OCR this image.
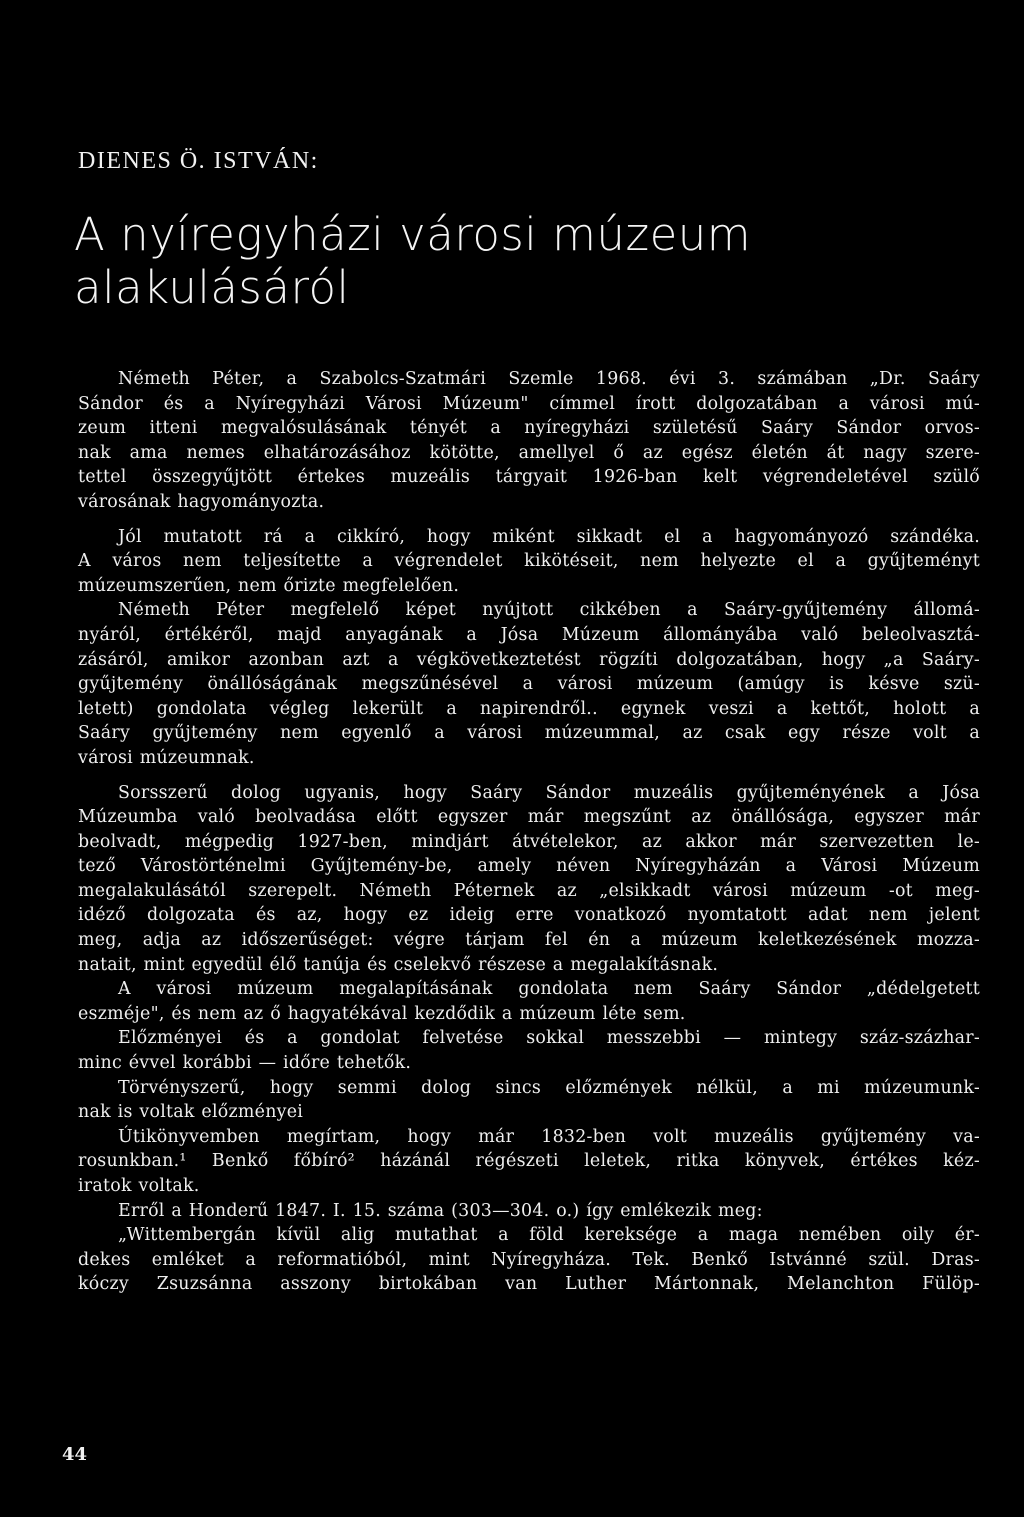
DIENES Ö. ISTVÁN:
A nyíregyházi városi múzeum
alakulásáról
Németh Péter, a Szabolcs-Szatmári Szemle 1968. évi 3. számában „Dr. Saáry
Sándor és a Nyíregyházi Városi Múzeum" címmel írott dolgozatában a városi mú-
zeum itteni megvalósulásának tényét a nyíregyházi születésű Saáry Sándor orvos-
nak ama nemes elhatározásához kötötte, amellyel ő az egész életén át nagy szere-
tettel összegyűjtött értekes muzeális tárgyait 1926-ban kelt végrendeletével szülő
városának hagyományozta.
Jól mutatott rá a cikkíró, hogy miként sikkadt el a hagyományozó szándéka.
A város nem teljesítette a végrendelet kikötéseit, nem helyezte el a gyűjteményt
múzeumszerűen, nem őrizte megfelelően.
Németh Péter megfelelő képet nyújtott cikkében a Saáry-gyűjtemény állomá-
nyáról, értékéről, majd anyagának a Jósa Múzeum állományába való beleolvasztá-
zásáról, amikor azonban azt a végkövetkeztetést rögzíti dolgozatában, hogy „a Saáry-
gyűjtemény önállóságának megszűnésével a városi múzeum (amúgy is késve szü-
letett) gondolata végleg lekerült a napirendről.. egynek veszi a kettőt, holott a
Saáry gyűjtemény nem egyenlő a városi múzeummal, az csak egy része volt a
városi múzeumnak.
Sorsszerű dolog ugyanis, hogy Saáry Sándor muzeális gyűjteményének a Jósa
Múzeumba való beolvadása előtt egyszer már megszűnt az önállósága, egyszer már
beolvadt, mégpedig 1927-ben, mindjárt átvételekor, az akkor már szervezetten le-
tező Várostörténelmi Gyűjtemény-be, amely néven Nyíregyházán a Városi Múzeum
megalakulásától szerepelt. Németh Péternek az „elsikkadt városi múzeum -ot meg-
idéző dolgozata és az, hogy ez ideig erre vonatkozó nyomtatott adat nem jelent
meg, adja az időszerűséget: végre tárjam fel én a múzeum keletkezésének mozza-
natait, mint egyedül élő tanúja és cselekvő részese a megalakításnak.
A városi múzeum megalapításának gondolata nem Saáry Sándor „dédelgetett
eszméje", és nem az ő hagyatékával kezdődik a múzeum léte sem.
Előzményei és a gondolat felvetése sokkal messzebbi — mintegy száz-százhar-
minc évvel korábbi — időre tehetők.
Törvényszerű, hogy semmi dolog sincs előzmények nélkül, a mi múzeumunk-
nak is voltak előzményei
Útikönyvemben megírtam, hogy már 1832-ben volt muzeális gyűjtemény va-
rosunkban.¹ Benkő főbíró² házánál régészeti leletek, ritka könyvek, értékes kéz-
iratok voltak.
Erről a Honderű 1847. I. 15. száma (303—304. o.) így emlékezik meg:
„Wittembergán kívül alig mutathat a föld kereksége a maga nemében oily ér-
dekes emléket a reformatióból, mint Nyíregyháza. Tek. Benkő Istvánné szül. Dras-
kóczy Zsuzsánna asszony birtokában van Luther Mártonnak, Melanchton Fülöp-
44
